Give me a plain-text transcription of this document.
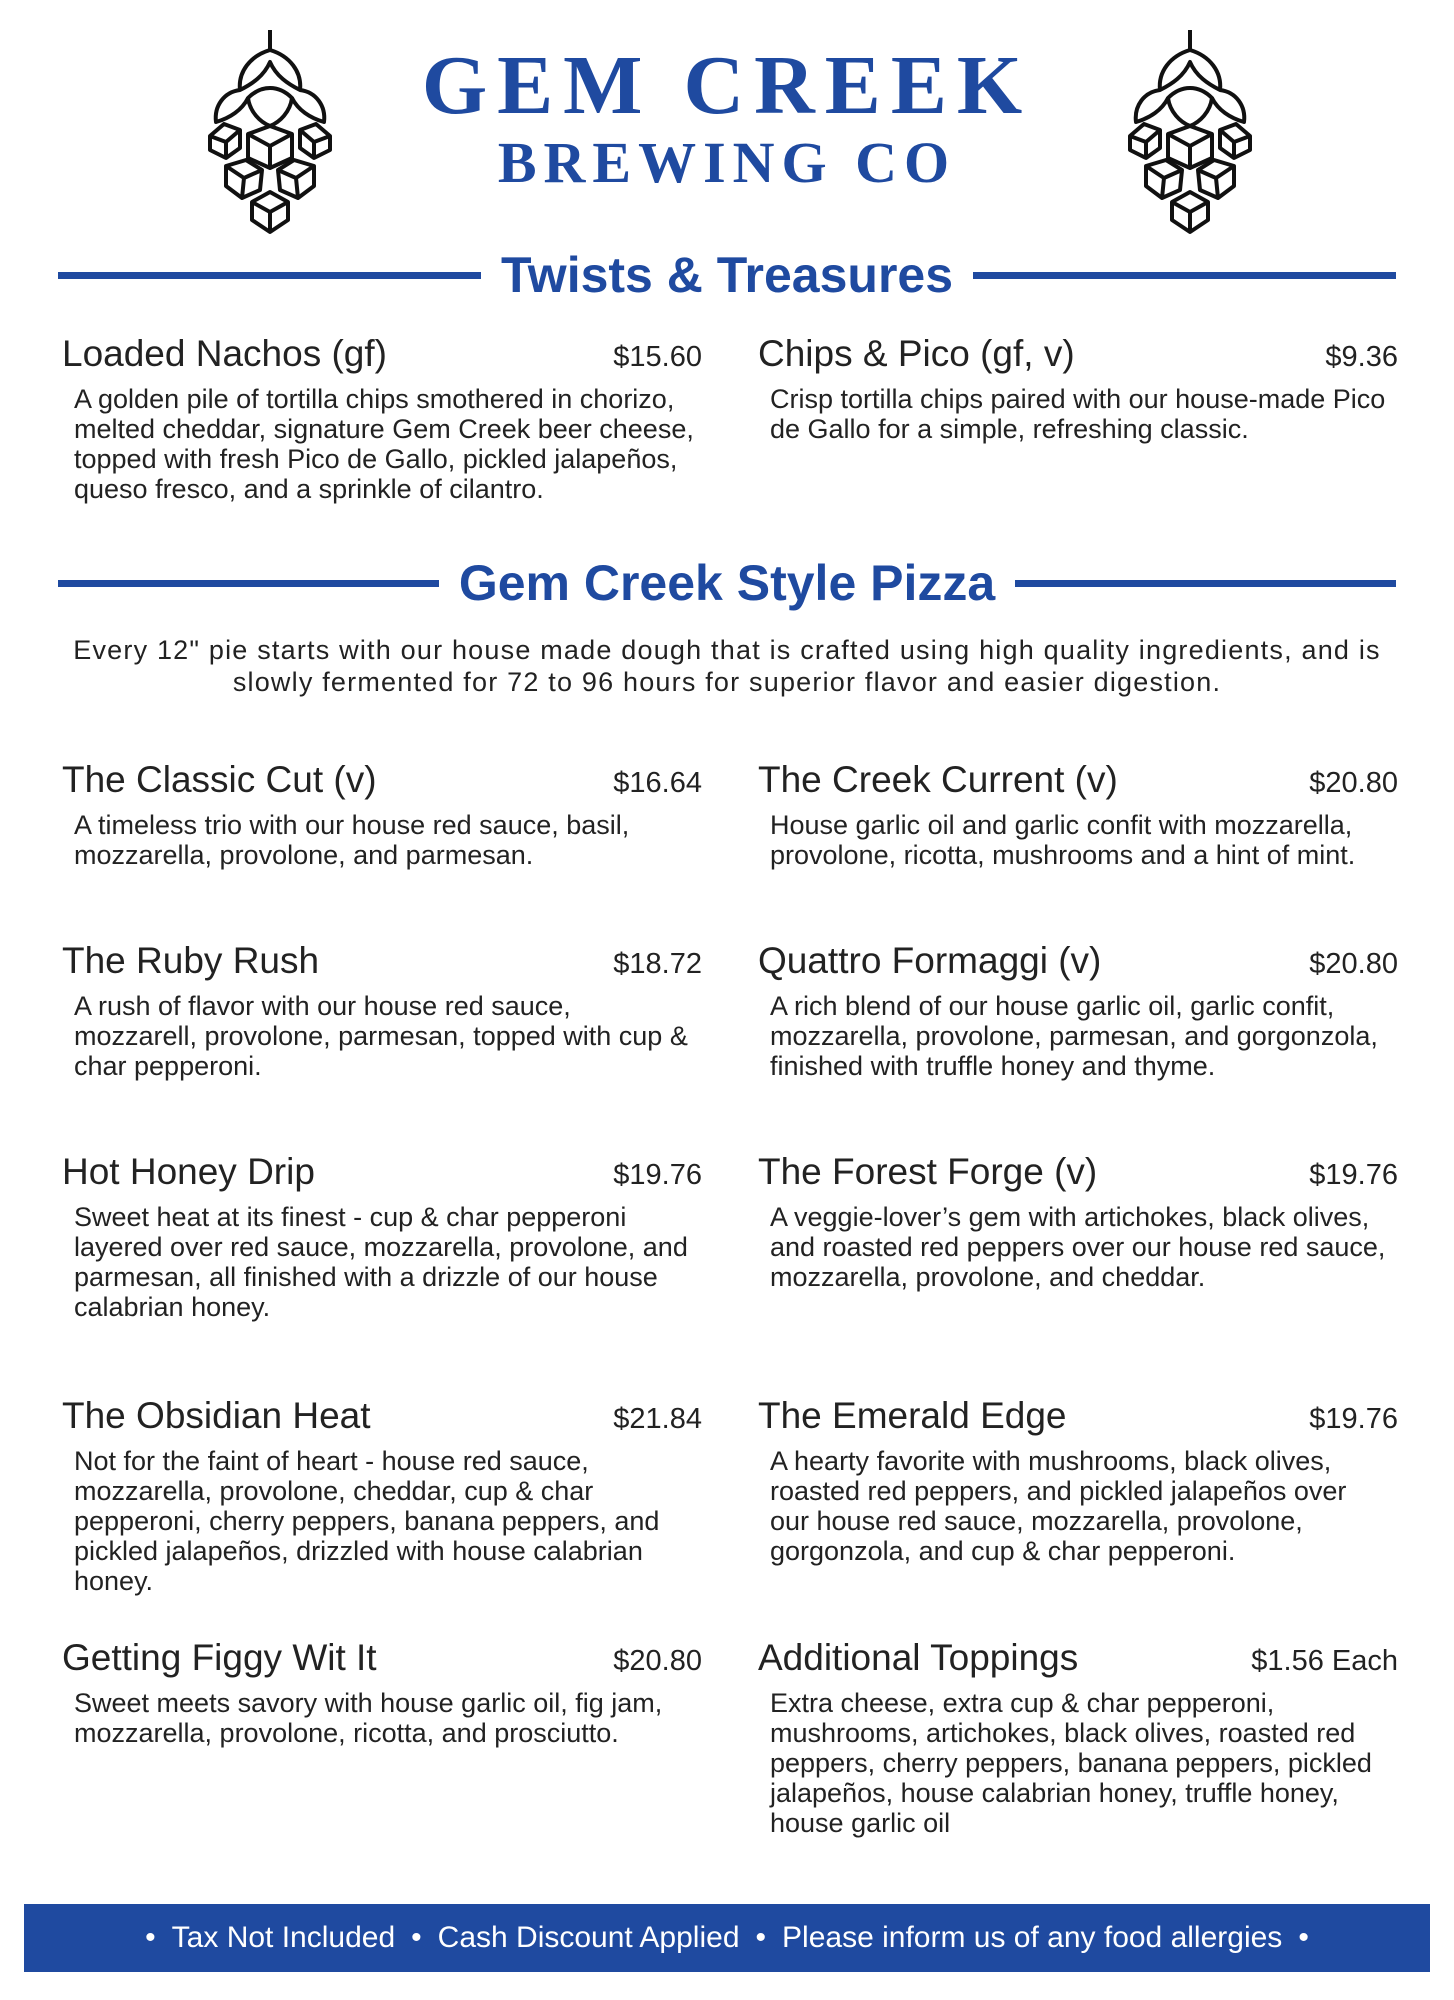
GEM CREEK
BREWING CO
Twists & Treasures
Loaded Nachos (gf)	$15.60
A golden pile of tortilla chips smothered in chorizo, melted cheddar, signature Gem Creek beer cheese, topped with fresh Pico de Gallo, pickled jalapeños, queso fresco, and a sprinkle of cilantro.
Chips & Pico (gf, v)	$9.36
Crisp tortilla chips paired with our house-made Pico de Gallo for a simple, refreshing classic.
Gem Creek Style Pizza
Every 12" pie starts with our house made dough that is crafted using high quality ingredients, and is slowly fermented for 72 to 96 hours for superior flavor and easier digestion.
The Classic Cut (v)	$16.64
A timeless trio with our house red sauce, basil, mozzarella, provolone, and parmesan.
The Creek Current (v)	$20.80
House garlic oil and garlic confit with mozzarella, provolone, ricotta, mushrooms and a hint of mint.
The Ruby Rush	$18.72
A rush of flavor with our house red sauce, mozzarell, provolone, parmesan, topped with cup & char pepperoni.
Quattro Formaggi (v)	$20.80
A rich blend of our house garlic oil, garlic confit, mozzarella, provolone, parmesan, and gorgonzola, finished with truffle honey and thyme.
Hot Honey Drip	$19.76
Sweet heat at its finest - cup & char pepperoni layered over red sauce, mozzarella, provolone, and parmesan, all finished with a drizzle of our house calabrian honey.
The Forest Forge (v)	$19.76
A veggie-lover’s gem with artichokes, black olives, and roasted red peppers over our house red sauce, mozzarella, provolone, and cheddar.
The Obsidian Heat	$21.84
Not for the faint of heart - house red sauce, mozzarella, provolone, cheddar, cup & char pepperoni, cherry peppers, banana peppers, and pickled jalapeños, drizzled with house calabrian honey.
The Emerald Edge	$19.76
A hearty favorite with mushrooms, black olives, roasted red peppers, and pickled jalapeños over our house red sauce, mozzarella, provolone, gorgonzola, and cup & char pepperoni.
Getting Figgy Wit It	$20.80
Sweet meets savory with house garlic oil, fig jam, mozzarella, provolone, ricotta, and prosciutto.
Additional Toppings	$1.56 Each
Extra cheese, extra cup & char pepperoni, mushrooms, artichokes, black olives, roasted red peppers, cherry peppers, banana peppers, pickled jalapeños, house calabrian honey, truffle honey, house garlic oil
• Tax Not Included • Cash Discount Applied • Please inform us of any food allergies •
